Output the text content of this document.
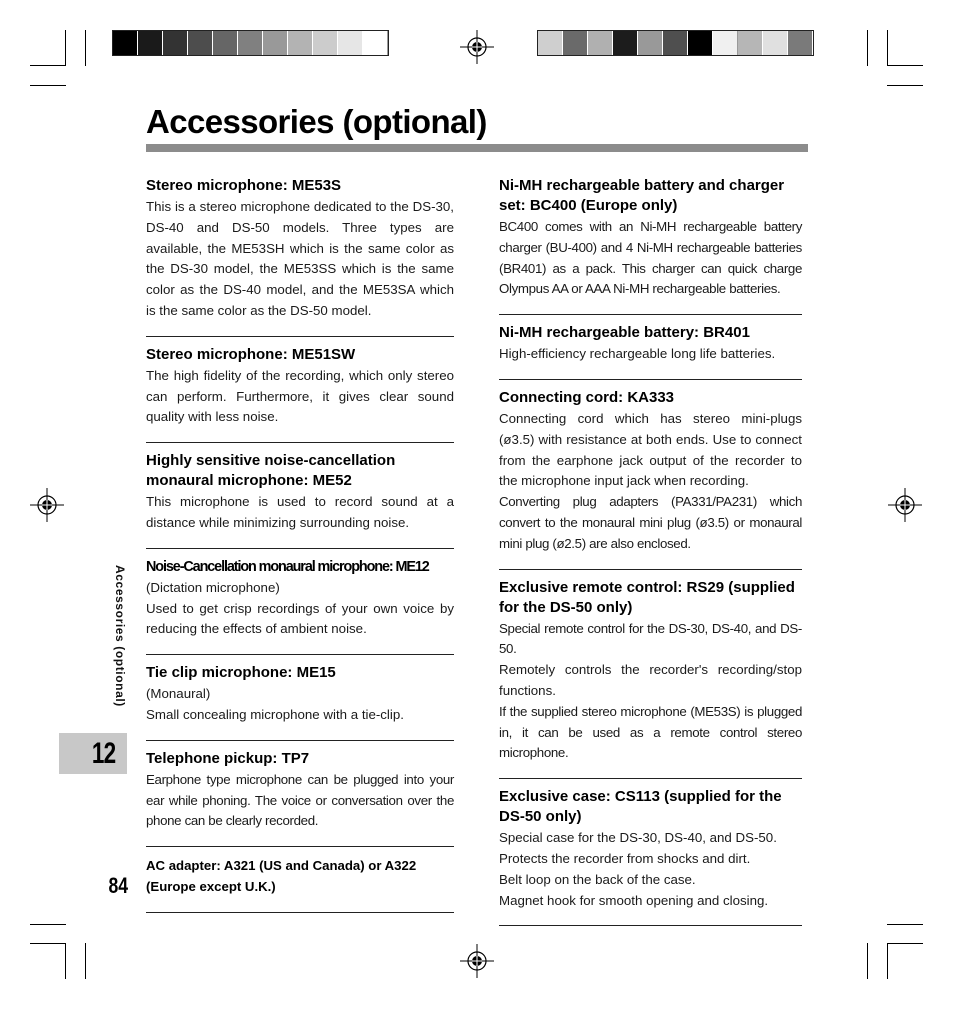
Accessories (optional)
Stereo microphone: ME53S

This is a stereo microphone dedicated to the DS-30, DS-40 and DS-50 models. Three types are available, the ME53SH which is the same color as the DS-30 model, the ME53SS which is the same color as the DS-40 model, and the ME53SA which is the same color as the DS-50 model.

Stereo microphone: ME51SW

The high fidelity of the recording, which only stereo can perform. Furthermore, it gives clear sound quality with less noise.

Highly sensitive noise-cancellation monaural microphone: ME52

This microphone is used to record sound at a distance while minimizing surrounding noise.

Noise-Cancellation monaural microphone: ME12

(Dictation microphone)

Used to get crisp recordings of your own voice by reducing the effects of ambient noise.

Tie clip microphone: ME15

(Monaural)

Small concealing microphone with a tie-clip.

Telephone pickup: TP7

Earphone type microphone can be plugged into your ear while phoning. The voice or conversation over the phone can be clearly recorded.

AC adapter: A321 (US and Canada) or A322 (Europe except U.K.)
Ni-MH rechargeable battery and charger set: BC400 (Europe only)

BC400 comes with an Ni-MH rechargeable battery charger (BU-400) and 4 Ni-MH rechargeable batteries (BR401) as a pack. This charger can quick charge Olympus AA or AAA Ni-MH rechargeable batteries.

Ni-MH rechargeable battery: BR401

High-efficiency rechargeable long life batteries.

Connecting cord: KA333

Connecting cord which has stereo mini-plugs (ø3.5) with resistance at both ends. Use to connect from the earphone jack output of the recorder to the microphone input jack when recording.

Converting plug adapters (PA331/PA231) which convert to the monaural mini plug (ø3.5) or monaural mini plug (ø2.5) are also enclosed.

Exclusive remote control: RS29 (supplied for the DS-50 only)

Special remote control for the DS-30, DS-40, and DS-50.

Remotely controls the recorder's recording/stop functions.

If the supplied stereo microphone (ME53S) is plugged in, it can be used as a remote control stereo microphone.

Exclusive case: CS113 (supplied for the DS-50 only)

Special case for the DS-30, DS-40, and DS-50.

Protects the recorder from shocks and dirt.

Belt loop on the back of the case.

Magnet hook for smooth opening and closing.

Accessories (optional)
12
84
